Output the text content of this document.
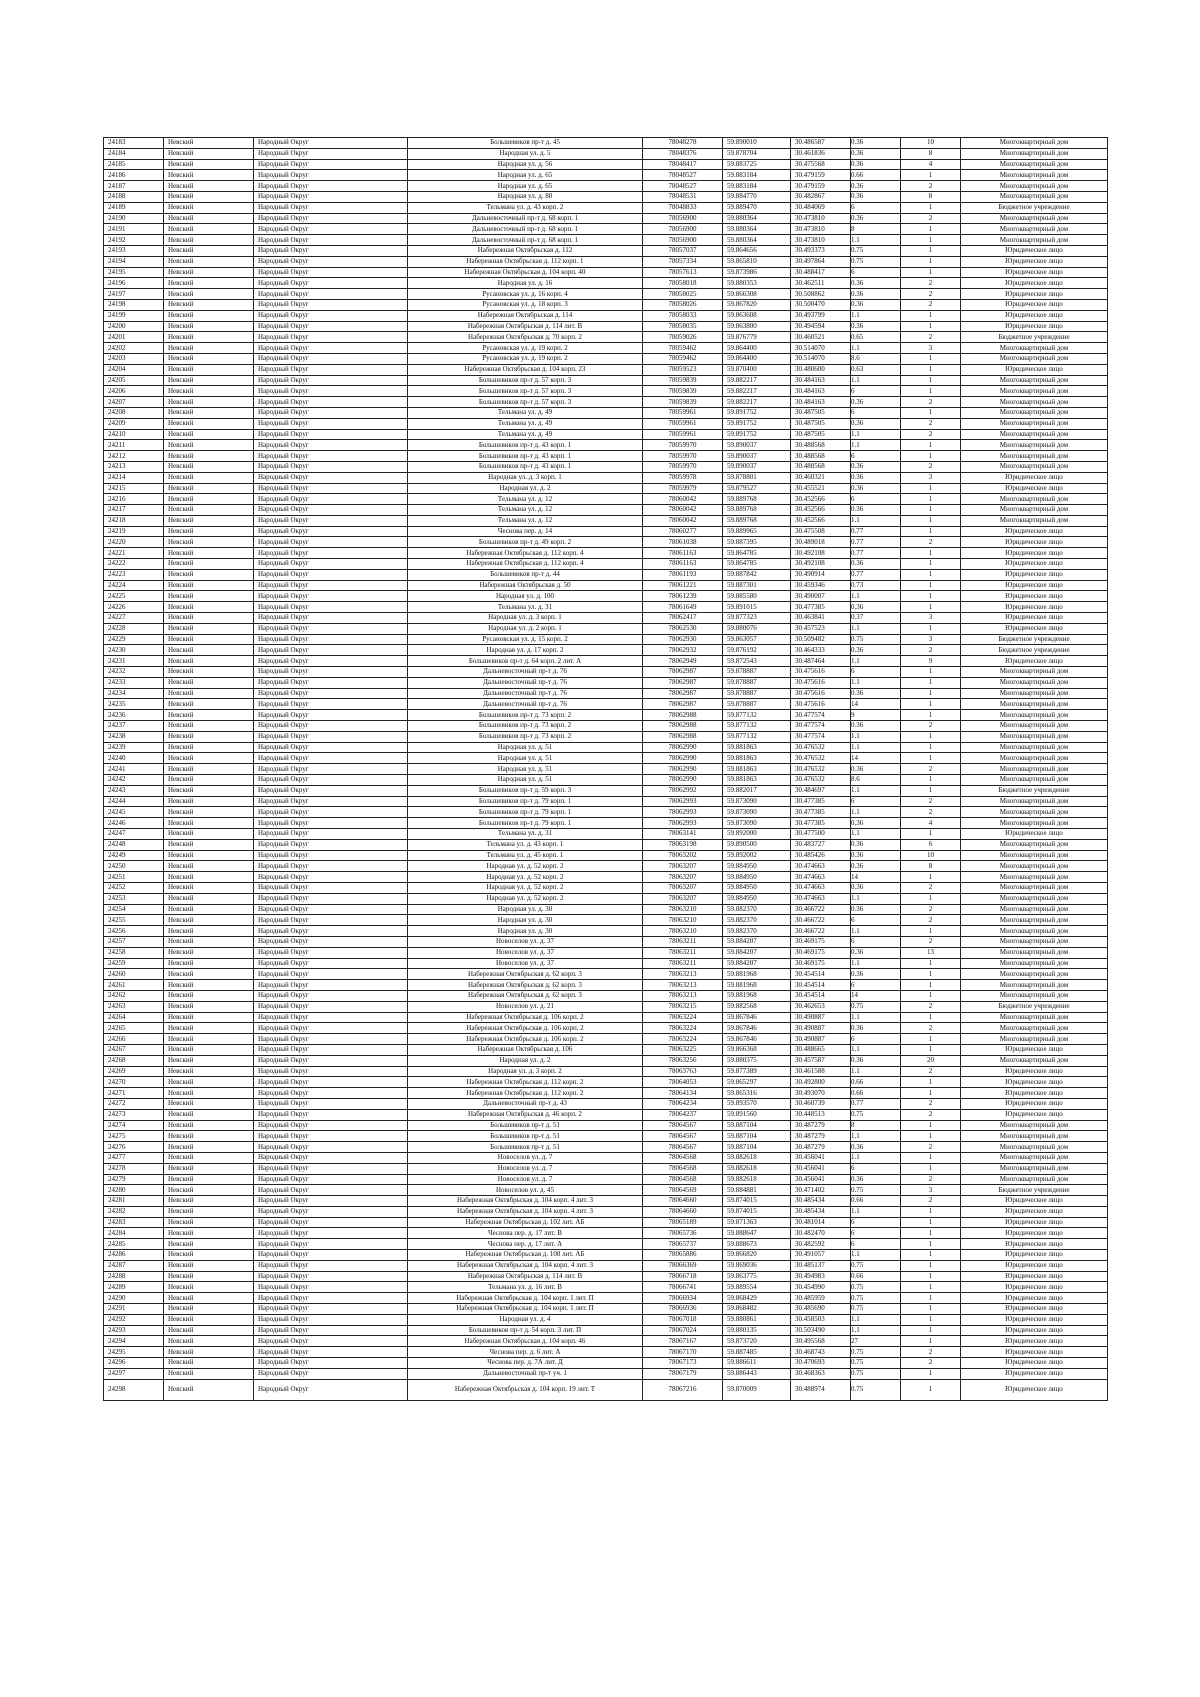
24183	Невский	Народный Округ	Большевиков пр-т д. 45	78048278	59.890010	30.486587	0.36	10	Многоквартирный дом
24184	Невский	Народный Округ	Народная ул. д. 5	78048376	59.878704	30.461836	0.36	8	Многоквартирный дом
24185	Невский	Народный Округ	Народная ул. д. 56	78048417	59.883725	30.475568	0.36	4	Многоквартирный дом
24186	Невский	Народный Округ	Народная ул. д. 65	78048527	59.883184	30.479159	0.66	1	Многоквартирный дом
24187	Невский	Народный Округ	Народная ул. д. 65	78048527	59.883184	30.479159	0.36	2	Многоквартирный дом
24188	Невский	Народный Округ	Народная ул. д. 80	78048531	59.884770	30.482867	0.36	8	Многоквартирный дом
24189	Невский	Народный Округ	Тельмана ул. д. 43 корп. 2	78048833	59.889470	30.484069	6	1	Бюджетное учреждение
24190	Невский	Народный Округ	Дальневосточный пр-т д. 68 корп. 1	78056900	59.880364	30.473810	0.36	2	Многоквартирный дом
24191	Невский	Народный Округ	Дальневосточный пр-т д. 68 корп. 1	78056900	59.880364	30.473810	8	1	Многоквартирный дом
24192	Невский	Народный Округ	Дальневосточный пр-т д. 68 корп. 1	78056900	59.880364	30.473810	1.1	1	Многоквартирный дом
24193	Невский	Народный Округ	Набережная Октябрьская д. 112	78057037	59.864656	30.493373	0.75	1	Юридическое лицо
24194	Невский	Народный Округ	Набережная Октябрьская д. 112 корп. 1	78057334	59.865810	30.497864	0.75	1	Юридическое лицо
24195	Невский	Народный Округ	Набережная Октябрьская д. 104 корп. 40	78057613	59.873986	30.488417	6	1	Юридическое лицо
24196	Невский	Народный Округ	Народная ул. д. 16	78058018	59.880353	30.462511	0.36	2	Юридическое лицо
24197	Невский	Народный Округ	Русановская ул. д. 16 корп. 4	78058025	59.866308	30.508862	0.36	2	Юридическое лицо
24198	Невский	Народный Округ	Русановская ул. д. 18 корп. 3	78058026	59.867820	30.500470	0.36	2	Юридическое лицо
24199	Невский	Народный Округ	Набережная Октябрьская д. 114	78058033	59.863608	30.493799	1.1	1	Юридическое лицо
24200	Невский	Народный Округ	Набережная Октябрьская д. 114 лит. В	78058035	59.863800	30.494594	0.36	1	Юридическое лицо
24201	Невский	Народный Округ	Набережная Октябрьская д. 70 корп. 2	78059026	59.876779	30.460521	0.65	2	Бюджетное учреждение
24202	Невский	Народный Округ	Русановская ул. д. 19 корп. 2	78059462	59.864400	30.514070	1.1	3	Многоквартирный дом
24203	Невский	Народный Округ	Русановская ул. д. 19 корп. 2	78059462	59.864400	30.514070	8.6	1	Многоквартирный дом
24204	Невский	Народный Округ	Набережная Октябрьская д. 104 корп. 23	78059523	59.870400	30.480600	0.63	1	Юридическое лицо
24205	Невский	Народный Округ	Большевиков пр-т д. 57 корп. 3	78059839	59.882217	30.484163	1.1	1	Многоквартирный дом
24206	Невский	Народный Округ	Большевиков пр-т д. 57 корп. 3	78059839	59.882217	30.484163	6	1	Многоквартирный дом
24207	Невский	Народный Округ	Большевиков пр-т д. 57 корп. 3	78059839	59.882217	30.484163	0.36	2	Многоквартирный дом
24208	Невский	Народный Округ	Тельмана ул. д. 49	78059961	59.891752	30.487505	6	1	Многоквартирный дом
24209	Невский	Народный Округ	Тельмана ул. д. 49	78059961	59.891752	30.487505	0.36	2	Многоквартирный дом
24210	Невский	Народный Округ	Тельмана ул. д. 49	78059961	59.891752	30.487505	1.1	2	Многоквартирный дом
24211	Невский	Народный Округ	Большевиков пр-т д. 43 корп. 1	78059970	59.890037	30.488568	1.1	1	Многоквартирный дом
24212	Невский	Народный Округ	Большевиков пр-т д. 43 корп. 1	78059970	59.890037	30.488568	6	1	Многоквартирный дом
24213	Невский	Народный Округ	Большевиков пр-т д. 43 корп. 1	78059970	59.890037	30.488568	0.36	2	Многоквартирный дом
24214	Невский	Народный Округ	Народная ул. д. 3 корп. 1	78059978	59.878801	30.460321	0.36	3	Юридическое лицо
24215	Невский	Народный Округ	Народная ул. д. 2	78059979	59.879527	30.455521	0.36	1	Юридическое лицо
24216	Невский	Народный Округ	Тельмана ул. д. 12	78060042	59.889768	30.452566	6	1	Многоквартирный дом
24217	Невский	Народный Округ	Тельмана ул. д. 12	78060042	59.889768	30.452566	0.36	1	Многоквартирный дом
24218	Невский	Народный Округ	Тельмана ул. д. 12	78060042	59.889768	30.452566	1.1	1	Многоквартирный дом
24219	Невский	Народный Округ	Чеснова пер. д. 14	78060277	59.889965	30.475508	0.77	1	Юридическое лицо
24220	Невский	Народный Округ	Большевиков пр-т д. 49 корп. 2	78061038	59.887395	30.489018	0.77	2	Юридическое лицо
24221	Невский	Народный Округ	Набережная Октябрьская д. 112 корп. 4	78061163	59.864785	30.492108	0.77	1	Юридическое лицо
24222	Невский	Народный Округ	Набережная Октябрьская д. 112 корп. 4	78061163	59.864785	30.492108	0.36	1	Юридическое лицо
24223	Невский	Народный Округ	Большевиков пр-т д. 44	78061193	59.887842	30.490914	0.77	1	Юридическое лицо
24224	Невский	Народный Округ	Набережная Октябрьская д. 50	78061221	59.887301	30.459346	0.73	1	Юридическое лицо
24225	Невский	Народный Округ	Народная ул. д. 100	78061239	59.885580	30.490007	1.1	1	Юридическое лицо
24226	Невский	Народный Округ	Тельмана ул. д. 31	78061649	59.891015	30.477385	0.36	1	Юридическое лицо
24227	Невский	Народный Округ	Народная ул. д. 3 корп. 1	78062417	59.877323	30.463841	0.37	3	Юридическое лицо
24228	Невский	Народный Округ	Народная ул. д. 2 корп. 1	78062530	59.880076	30.457523	1.1	1	Юридическое лицо
24229	Невский	Народный Округ	Русановская ул. д. 15 корп. 2	78062930	59.863057	30.509482	0.75	3	Бюджетное учреждение
24230	Невский	Народный Округ	Народная ул. д. 17 корп. 2	78062932	59.876192	30.464333	0.36	2	Бюджетное учреждение
24231	Невский	Народный Округ	Большевиков пр-т д. 64 корп. 2 лит. А	78062949	59.872543	30.487464	1.1	9	Юридическое лицо
24232	Невский	Народный Округ	Дальневосточный пр-т д. 76	78062987	59.878887	30.475616	6	1	Многоквартирный дом
24233	Невский	Народный Округ	Дальневосточный пр-т д. 76	78062987	59.878887	30.475616	1.1	1	Многоквартирный дом
24234	Невский	Народный Округ	Дальневосточный пр-т д. 76	78062987	59.878887	30.475616	0.36	1	Многоквартирный дом
24235	Невский	Народный Округ	Дальневосточный пр-т д. 76	78062987	59.878887	30.475616	14	1	Многоквартирный дом
24236	Невский	Народный Округ	Большевиков пр-т д. 73 корп. 2	78062988	59.877132	30.477574	9	1	Многоквартирный дом
24237	Невский	Народный Округ	Большевиков пр-т д. 73 корп. 2	78062988	59.877132	30.477574	0.36	2	Многоквартирный дом
24238	Невский	Народный Округ	Большевиков пр-т д. 73 корп. 2	78062988	59.877132	30.477574	1.1	1	Многоквартирный дом
24239	Невский	Народный Округ	Народная ул. д. 51	78062990	59.881863	30.476532	1.1	1	Многоквартирный дом
24240	Невский	Народный Округ	Народная ул. д. 51	78062990	59.881863	30.476532	14	1	Многоквартирный дом
24241	Невский	Народный Округ	Народная ул. д. 51	78062990	59.881863	30.476532	0.36	2	Многоквартирный дом
24242	Невский	Народный Округ	Народная ул. д. 51	78062990	59.881863	30.476532	8.6	1	Многоквартирный дом
24243	Невский	Народный Округ	Большевиков пр-т д. 59 корп. 3	78062992	59.882017	30.484697	1.1	1	Бюджетное учреждение
24244	Невский	Народный Округ	Большевиков пр-т д. 79 корп. 1	78062993	59.873090	30.477385	6	2	Многоквартирный дом
24245	Невский	Народный Округ	Большевиков пр-т д. 79 корп. 1	78062993	59.873090	30.477385	1.1	2	Многоквартирный дом
24246	Невский	Народный Округ	Большевиков пр-т д. 79 корп. 1	78062993	59.873090	30.477385	0.36	4	Многоквартирный дом
24247	Невский	Народный Округ	Тельмана ул. д. 31	78063141	59.892000	30.477500	1.1	1	Юридическое лицо
24248	Невский	Народный Округ	Тельмана ул. д. 43 корп. 1	78063198	59.890500	30.483727	0.36	6	Многоквартирный дом
24249	Невский	Народный Округ	Тельмана ул. д. 45 корп. 1	78063202	59.892002	30.485426	0.36	10	Многоквартирный дом
24250	Невский	Народный Округ	Народная ул. д. 52 корп. 2	78063207	59.884950	30.474663	0.36	8	Многоквартирный дом
24251	Невский	Народный Округ	Народная ул. д. 52 корп. 2	78063207	59.884950	30.474663	14	1	Многоквартирный дом
24252	Невский	Народный Округ	Народная ул. д. 52 корп. 2	78063207	59.884950	30.474663	0.36	2	Многоквартирный дом
24253	Невский	Народный Округ	Народная ул. д. 52 корп. 2	78063207	59.884950	30.474663	1.1	1	Многоквартирный дом
24254	Невский	Народный Округ	Народная ул. д. 30	78063210	59.882370	30.466722	0.36	2	Многоквартирный дом
24255	Невский	Народный Округ	Народная ул. д. 30	78063210	59.882370	30.466722	6	2	Многоквартирный дом
24256	Невский	Народный Округ	Народная ул. д. 30	78063210	59.882370	30.466722	1.1	1	Многоквартирный дом
24257	Невский	Народный Округ	Новоселов ул. д. 37	78063211	59.884207	30.469175	6	2	Многоквартирный дом
24258	Невский	Народный Округ	Новоселов ул. д. 37	78063211	59.884207	30.469175	0.36	13	Многоквартирный дом
24259	Невский	Народный Округ	Новоселов ул. д. 37	78063211	59.884207	30.469175	1.1	1	Многоквартирный дом
24260	Невский	Народный Округ	Набережная Октябрьская д. 62 корп. 3	78063213	59.881968	30.454514	0.36	1	Многоквартирный дом
24261	Невский	Народный Округ	Набережная Октябрьская д. 62 корп. 3	78063213	59.881968	30.454514	6	1	Многоквартирный дом
24262	Невский	Народный Округ	Набережная Октябрьская д. 62 корп. 3	78063213	59.881968	30.454514	14	1	Многоквартирный дом
24263	Невский	Народный Округ	Новоселов ул. д. 21	78063215	59.882568	30.462653	0.75	2	Бюджетное учреждение
24264	Невский	Народный Округ	Набережная Октябрьская д. 106 корп. 2	78063224	59.867846	30.490887	1.1	1	Многоквартирный дом
24265	Невский	Народный Округ	Набережная Октябрьская д. 106 корп. 2	78063224	59.867846	30.490887	0.36	2	Многоквартирный дом
24266	Невский	Народный Округ	Набережная Октябрьская д. 106 корп. 2	78063224	59.867846	30.490887	6	1	Многоквартирный дом
24267	Невский	Народный Округ	Набережная Октябрьская д. 106	78063225	59.866368	30.488665	1.1	1	Юридическое лицо
24268	Невский	Народный Округ	Народная ул. д. 2	78063256	59.880375	30.457587	0.36	20	Многоквартирный дом
24269	Невский	Народный Округ	Народная ул. д. 3 корп. 2	78063763	59.877389	30.461588	1.1	2	Юридическое лицо
24270	Невский	Народный Округ	Набережная Октябрьская д. 112 корп. 2	78064053	59.865297	30.492800	0.66	1	Юридическое лицо
24271	Невский	Народный Округ	Набережная Октябрьская д. 112 корп. 2	78064134	59.865316	30.493070	0.66	1	Юридическое лицо
24272	Невский	Народный Округ	Дальневосточный пр-т д. 43	78064234	59.893570	30.460739	0.77	2	Юридическое лицо
24273	Невский	Народный Округ	Набережная Октябрьская д. 46 корп. 2	78064237	59.891560	30.448513	0.75	2	Юридическое лицо
24274	Невский	Народный Округ	Большевиков пр-т д. 51	78064567	59.887104	30.487279	8	1	Многоквартирный дом
24275	Невский	Народный Округ	Большевиков пр-т д. 51	78064567	59.887104	30.487279	1.1	1	Многоквартирный дом
24276	Невский	Народный Округ	Большевиков пр-т д. 51	78064567	59.887104	30.487279	0.36	2	Многоквартирный дом
24277	Невский	Народный Округ	Новоселов ул. д. 7	78064568	59.882618	30.456041	1.1	1	Многоквартирный дом
24278	Невский	Народный Округ	Новоселов ул. д. 7	78064568	59.882618	30.456041	6	1	Многоквартирный дом
24279	Невский	Народный Округ	Новоселов ул. д. 7	78064568	59.882618	30.456041	0.36	2	Многоквартирный дом
24280	Невский	Народный Округ	Новоселов ул. д. 45	78064569	59.884881	30.471402	0.75	3	Бюджетное учреждение
24281	Невский	Народный Округ	Набережная Октябрьская д. 104 корп. 4 лит. 3	78064660	59.874015	30.485434	0.66	2	Юридическое лицо
24282	Невский	Народный Округ	Набережная Октябрьская д. 104 корп. 4 лит. 3	78064660	59.874015	30.485434	1.1	1	Юридическое лицо
24283	Невский	Народный Округ	Набережная Октябрьская д. 102 лит. АБ	78065189	59.871363	30.481014	6	1	Юридическое лицо
24284	Невский	Народный Округ	Чеснова пер. д. 17 лит. В	78065736	59.888647	30.482470	6	1	Юридическое лицо
24285	Невский	Народный Округ	Чеснова пер. д. 17 лит. А	78065737	59.888673	30.482592	6	1	Юридическое лицо
24286	Невский	Народный Округ	Набережная Октябрьская д. 108 лит. АБ	78065886	59.866820	30.491057	1.1	1	Юридическое лицо
24287	Невский	Народный Округ	Набережная Октябрьская д. 104 корп. 4 лит. 3	78066369	59.869036	30.485137	0.75	1	Юридическое лицо
24288	Невский	Народный Округ	Набережная Октябрьская д. 114 лит. В	78066718	59.863775	30.494983	0.66	1	Юридическое лицо
24289	Невский	Народный Округ	Тельмана ул. д. 16 лит. В	78066741	59.889554	30.454990	0.75	1	Юридическое лицо
24290	Невский	Народный Округ	Набережная Октябрьская д. 104 корп. 1 лит. П	78066934	59.868429	30.485959	0.75	1	Юридическое лицо
24291	Невский	Народный Округ	Набережная Октябрьская д. 104 корп. 1 лит. П	78066936	59.868482	30.485690	0.75	1	Юридическое лицо
24292	Невский	Народный Округ	Народная ул. д. 4	78067018	59.880861	30.458503	1.1	1	Юридическое лицо
24293	Невский	Народный Округ	Большевиков пр-т д. 54 корп. 3 лит. П	78067024	59.880135	30.503490	1.1	1	Юридическое лицо
24294	Невский	Народный Округ	Набережная Октябрьская д. 104 корп. 46	78067167	59.873720	30.495568	27	1	Юридическое лицо
24295	Невский	Народный Округ	Чеснова пер. д. 6 лит. А	78067170	59.887485	30.468743	0.75	2	Юридическое лицо
24296	Невский	Народный Округ	Чеснова пер. д. 7А лит. Д	78067173	59.886611	30.470693	0.75	2	Юридическое лицо
24297	Невский	Народный Округ	Дальневосточный пр-т уч. 1	78067179	59.886443	30.468363	0.75	1	Юридическое лицо
24298	Невский	Народный Округ	Набережная Октябрьская д. 104 корп. 19 лит. Т	78067216	59.870009	30.488974	0.75	1	Юридическое лицо
